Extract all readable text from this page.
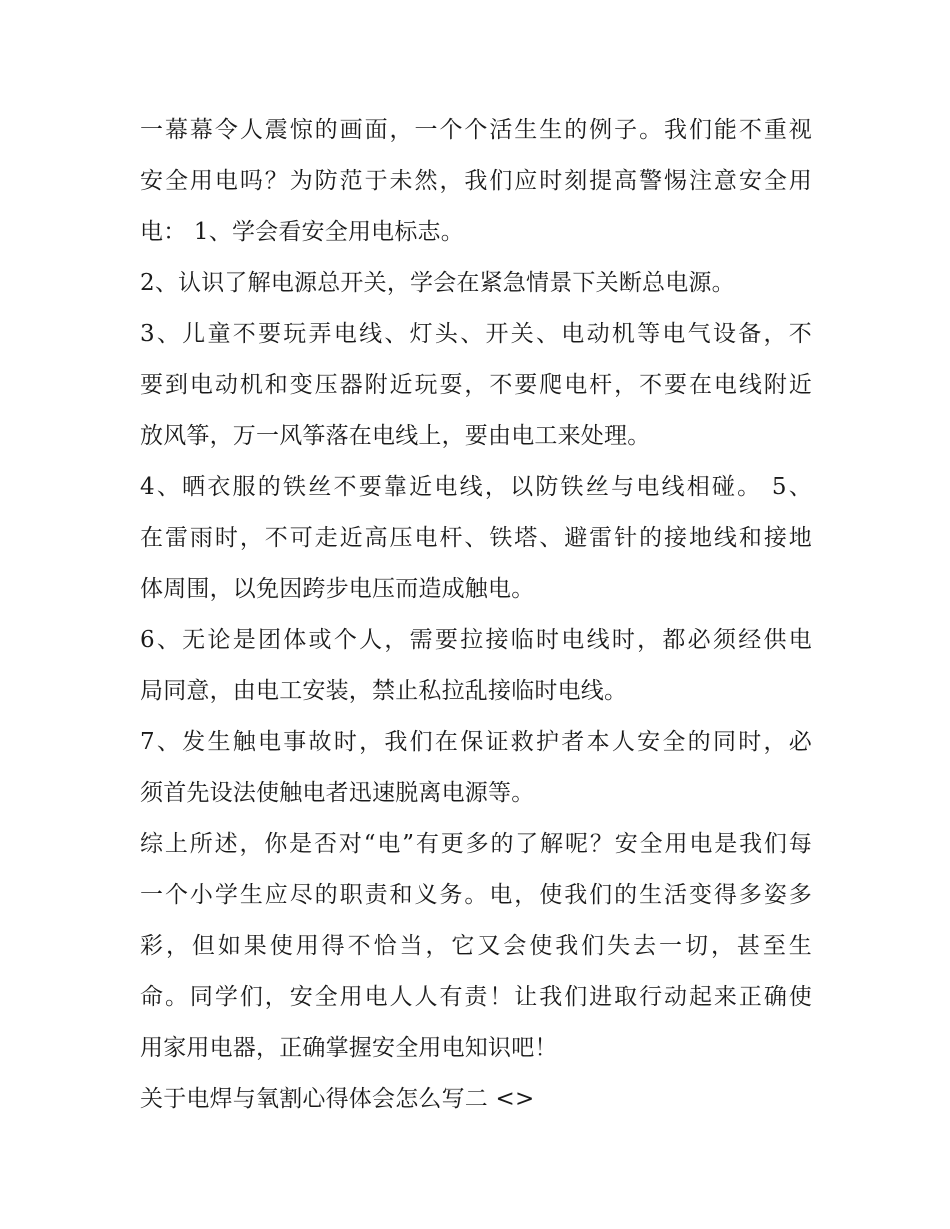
一幕幕令人震惊的画面，一个个活生生的例子。我们能不重视
安全用电吗？为防范于未然，我们应时刻提高警惕注意安全用
电： 1、学会看安全用电标志。
2、认识了解电源总开关，学会在紧急情景下关断总电源。
3、儿童不要玩弄电线、灯头、开关、电动机等电气设备，不
要到电动机和变压器附近玩耍，不要爬电杆，不要在电线附近
放风筝，万一风筝落在电线上，要由电工来处理。
4、晒衣服的铁丝不要靠近电线，以防铁丝与电线相碰。 5、
在雷雨时，不可走近高压电杆、铁塔、避雷针的接地线和接地
体周围，以免因跨步电压而造成触电。
6、无论是团体或个人，需要拉接临时电线时，都必须经供电
局同意，由电工安装，禁止私拉乱接临时电线。
7、发生触电事故时，我们在保证救护者本人安全的同时，必
须首先设法使触电者迅速脱离电源等。
综上所述，你是否对“电”有更多的了解呢？安全用电是我们每
一个小学生应尽的职责和义务。电，使我们的生活变得多姿多
彩，但如果使用得不恰当，它又会使我们失去一切，甚至生
命。同学们，安全用电人人有责！让我们进取行动起来正确使
用家用电器，正确掌握安全用电知识吧！
关于电焊与氧割心得体会怎么写二 <>
